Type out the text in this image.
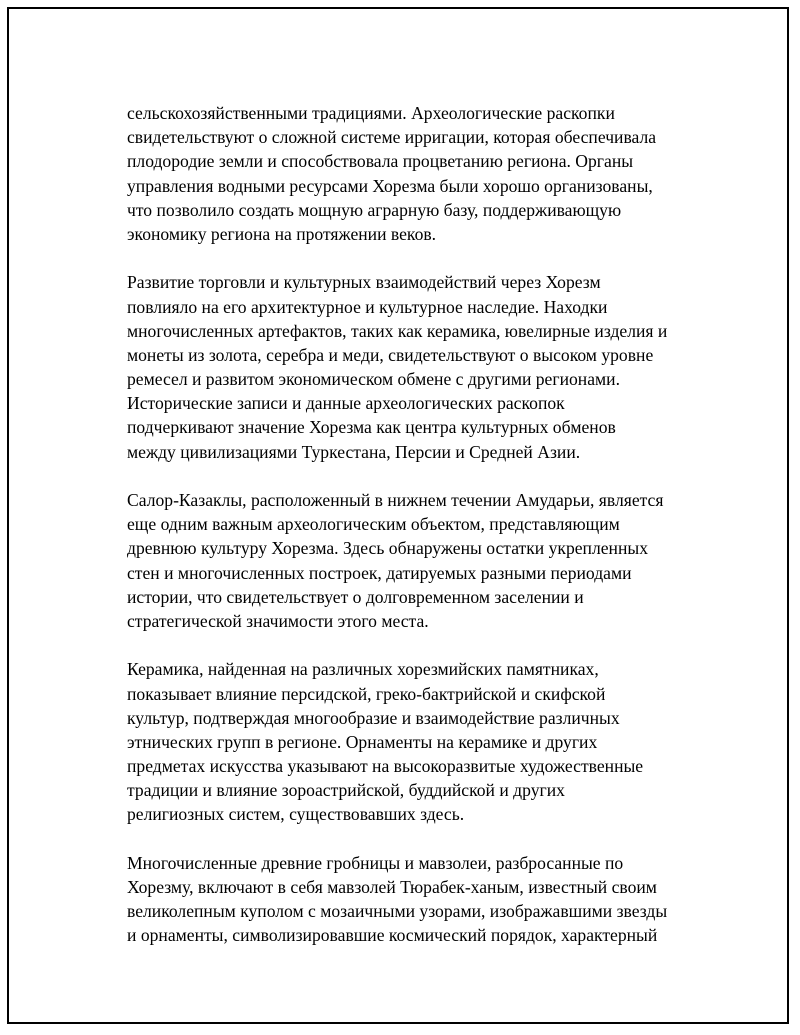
сельскохозяйственными традициями. Археологические раскопки
свидетельствуют о сложной системе ирригации, которая обеспечивала
плодородие земли и способствовала процветанию региона. Органы
управления водными ресурсами Хорезма были хорошо организованы,
что позволило создать мощную аграрную базу, поддерживающую
экономику региона на протяжении веков.
Развитие торговли и культурных взаимодействий через Хорезм
повлияло на его архитектурное и культурное наследие. Находки
многочисленных артефактов, таких как керамика, ювелирные изделия и
монеты из золота, серебра и меди, свидетельствуют о высоком уровне
ремесел и развитом экономическом обмене с другими регионами.
Исторические записи и данные археологических раскопок
подчеркивают значение Хорезма как центра культурных обменов
между цивилизациями Туркестана, Персии и Средней Азии.
Салор-Казаклы, расположенный в нижнем течении Амударьи, является
еще одним важным археологическим объектом, представляющим
древнюю культуру Хорезма. Здесь обнаружены остатки укрепленных
стен и многочисленных построек, датируемых разными периодами
истории, что свидетельствует о долговременном заселении и
стратегической значимости этого места.
Керамика, найденная на различных хорезмийских памятниках,
показывает влияние персидской, греко-бактрийской и скифской
культур, подтверждая многообразие и взаимодействие различных
этнических групп в регионе. Орнаменты на керамике и других
предметах искусства указывают на высокоразвитые художественные
традиции и влияние зороастрийской, буддийской и других
религиозных систем, существовавших здесь.
Многочисленные древние гробницы и мавзолеи, разбросанные по
Хорезму, включают в себя мавзолей Тюрабек-ханым, известный своим
великолепным куполом с мозаичными узорами, изображавшими звезды
и орнаменты, символизировавшие космический порядок, характерный
